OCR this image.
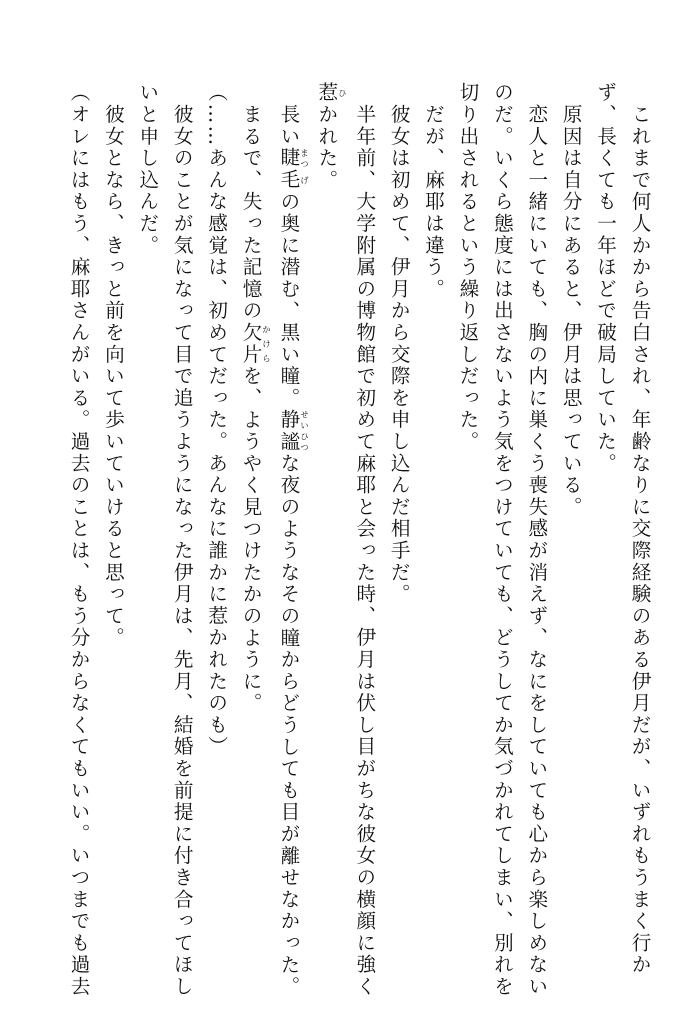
　これまで何人かから告白され、年齢なりに交際経験のある伊月だが、いずれもうまく行か

ず、長くても一年ほどで破局していた。

　原因は自分にあると、伊月は思っている。

　恋人と一緒にいても、胸の内に巣くう喪失感が消えず、なにをしていても心から楽しめない

のだ。いくら態度には出さないよう気をつけていても、どうしてか気づかれてしまい、別れを

切り出されるという繰り返しだった。

　だが、麻耶は違う。

　彼女は初めて、伊月から交際を申し込んだ相手だ。

　半年前、大学附属の博物館で初めて麻耶と会った時、伊月は伏し目がちな彼女の横顔に強く

惹ひかれた。

　長い睫まつ毛げの奥に潜む、黒い瞳。静謐せいひつな夜のようなその瞳からどうしても目が離せなかった。

　まるで、失った記憶の欠片かけらを、ようやく見つけたかのように。

（……あんな感覚は、初めてだった。あんなに誰かに惹かれたのも）

　彼女のことが気になって目で追うようになった伊月は、先月、結婚を前提に付き合ってほし

いと申し込んだ。

　彼女となら、きっと前を向いて歩いていけると思って。

（オレにはもう、麻耶さんがいる。過去のことは、もう分からなくてもいい。いつまでも過去
